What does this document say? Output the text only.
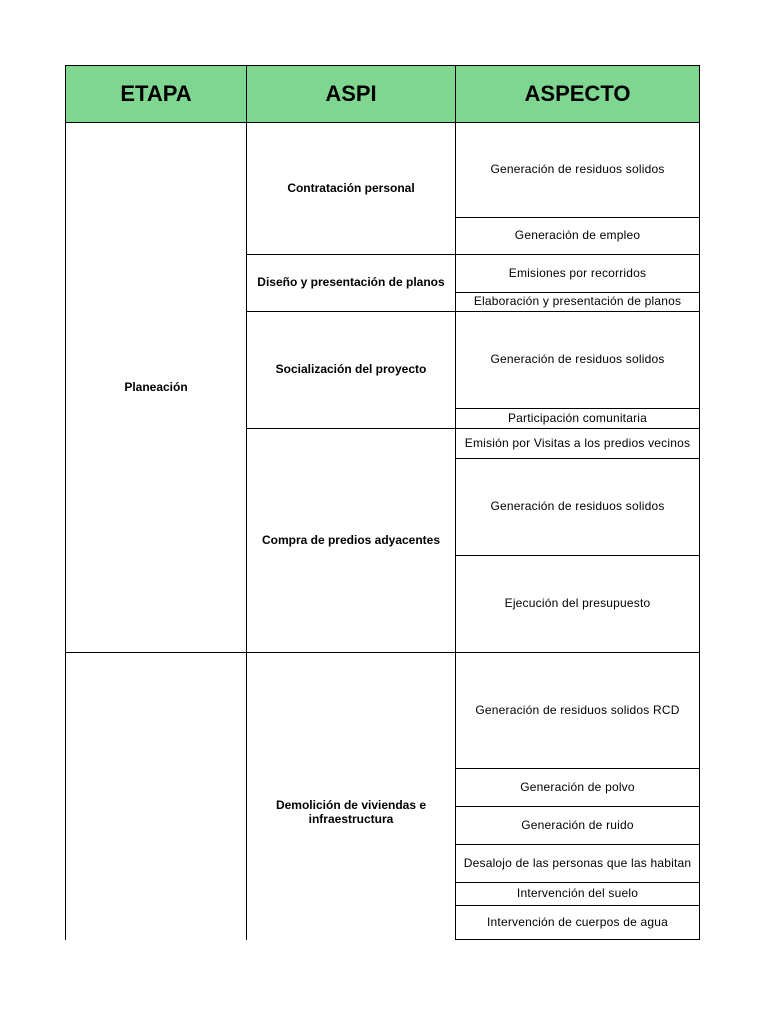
ETAPA	ASPI	ASPECTO
Planeación
Contratación personal
Diseño y presentación de planos
Socialización del proyecto
Compra de predios adyacentes
Demolición de viviendas e infraestructura
Generación de residuos solidos
Generación de empleo
Emisiones por recorridos
Elaboración y presentación de planos
Generación de residuos solidos
Participación comunitaria
Emisión por Visitas a los predios vecinos
Generación de residuos solidos
Ejecución del presupuesto
Generación de residuos solidos RCD
Generación de polvo
Generación de ruido
Desalojo de las personas que las habitan
Intervención del suelo
Intervención de cuerpos de agua
